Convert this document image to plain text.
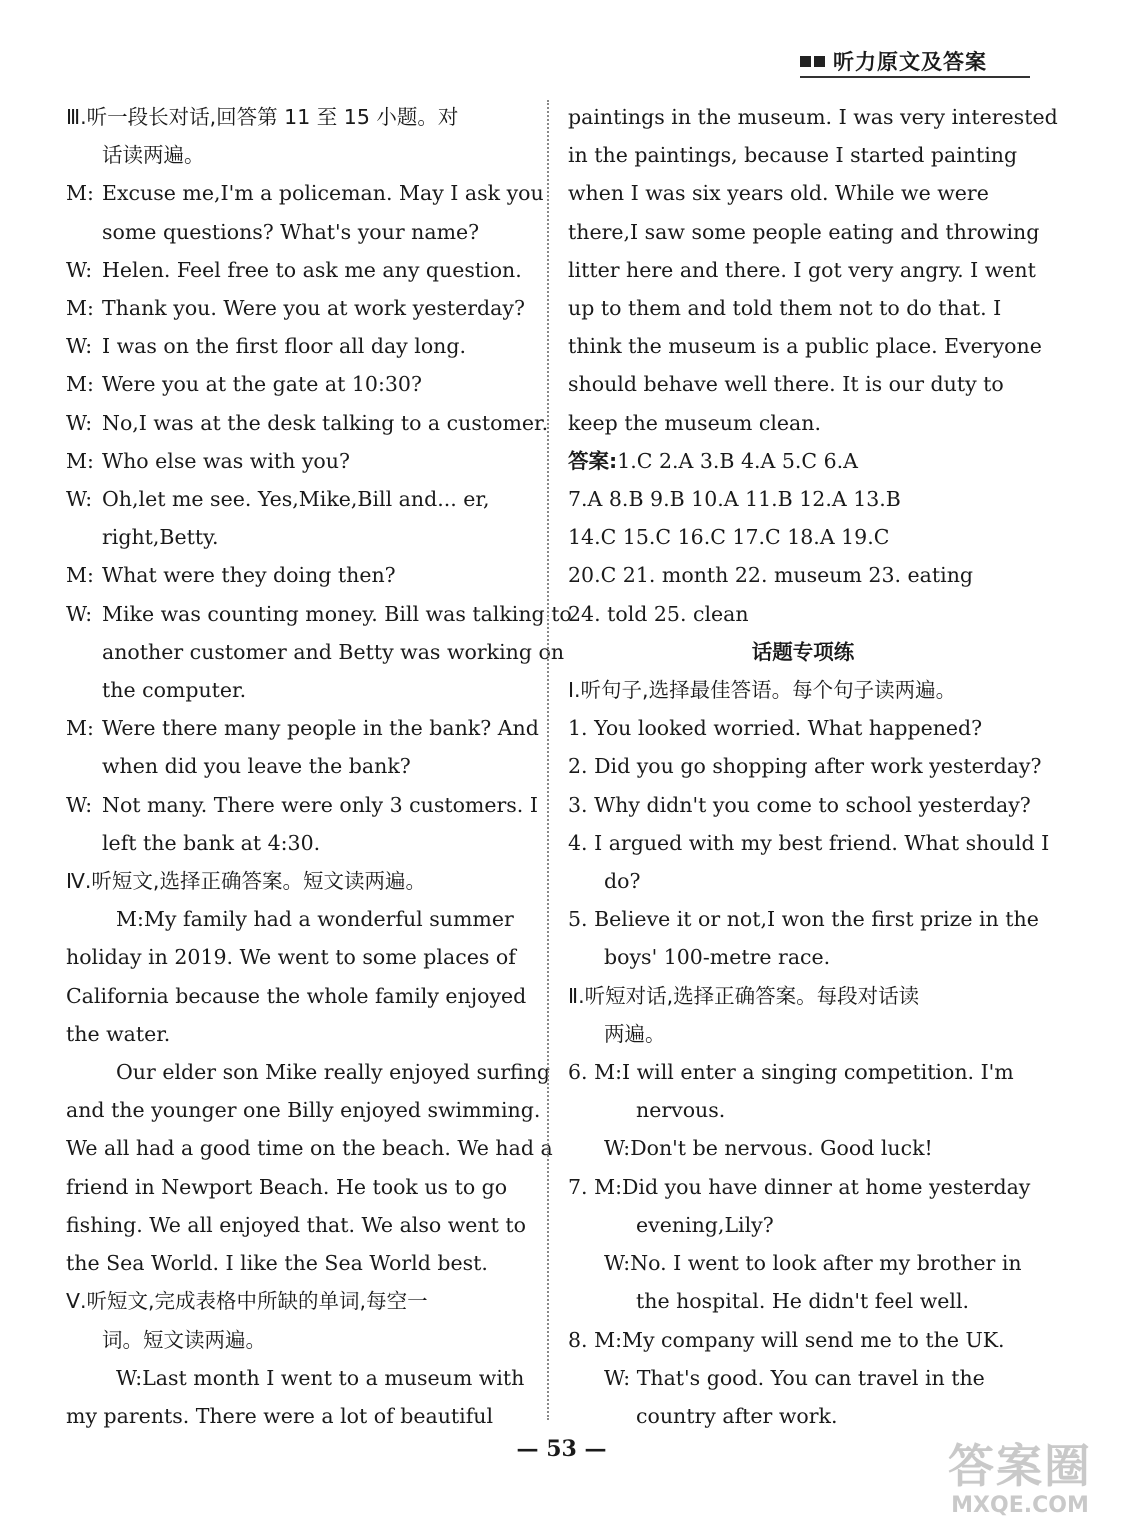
听力原文及答案
Ⅲ.听一段长对话,回答第 11 至 15 小题。对
话读两遍。
M: Excuse me,I'm a policeman. May I ask you
some questions? What's your name?
W: Helen. Feel free to ask me any question.
M: Thank you. Were you at work yesterday?
W: I was on the first floor all day long.
M: Were you at the gate at 10:30?
W: No,I was at the desk talking to a customer.
M: Who else was with you?
W: Oh,let me see. Yes,Mike,Bill and... er,
right,Betty.
M: What were they doing then?
W: Mike was counting money. Bill was talking to
another customer and Betty was working on
the computer.
M: Were there many people in the bank? And
when did you leave the bank?
W: Not many. There were only 3 customers. I
left the bank at 4:30.
Ⅳ.听短文,选择正确答案。短文读两遍。
M:My family had a wonderful summer
holiday in 2019. We went to some places of
California because the whole family enjoyed
the water.
Our elder son Mike really enjoyed surfing
and the younger one Billy enjoyed swimming.
We all had a good time on the beach. We had a
friend in Newport Beach. He took us to go
fishing. We all enjoyed that. We also went to
the Sea World. I like the Sea World best.
Ⅴ.听短文,完成表格中所缺的单词,每空一
词。短文读两遍。
W:Last month I went to a museum with
my parents. There were a lot of beautiful
paintings in the museum. I was very interested
in the paintings, because I started painting
when I was six years old. While we were
there,I saw some people eating and throwing
litter here and there. I got very angry. I went
up to them and told them not to do that. I
think the museum is a public place. Everyone
should behave well there. It is our duty to
keep the museum clean.
答案:1.C 2.A 3.B 4.A 5.C 6.A
7.A 8.B 9.B 10.A 11.B 12.A 13.B
14.C 15.C 16.C 17.C 18.A 19.C
20.C 21. month 22. museum 23. eating
24. told 25. clean
话题专项练
Ⅰ.听句子,选择最佳答语。每个句子读两遍。
1. You looked worried. What happened?
2. Did you go shopping after work yesterday?
3. Why didn't you come to school yesterday?
4. I argued with my best friend. What should I
do?
5. Believe it or not,I won the first prize in the
boys' 100-metre race.
Ⅱ.听短对话,选择正确答案。每段对话读
两遍。
6. M:I will enter a singing competition. I'm
nervous.
W:Don't be nervous. Good luck!
7. M:Did you have dinner at home yesterday
evening,Lily?
W:No. I went to look after my brother in
the hospital. He didn't feel well.
8. M:My company will send me to the UK.
W: That's good. You can travel in the
country after work.
— 53 —	答案圈
MXQE.COM
